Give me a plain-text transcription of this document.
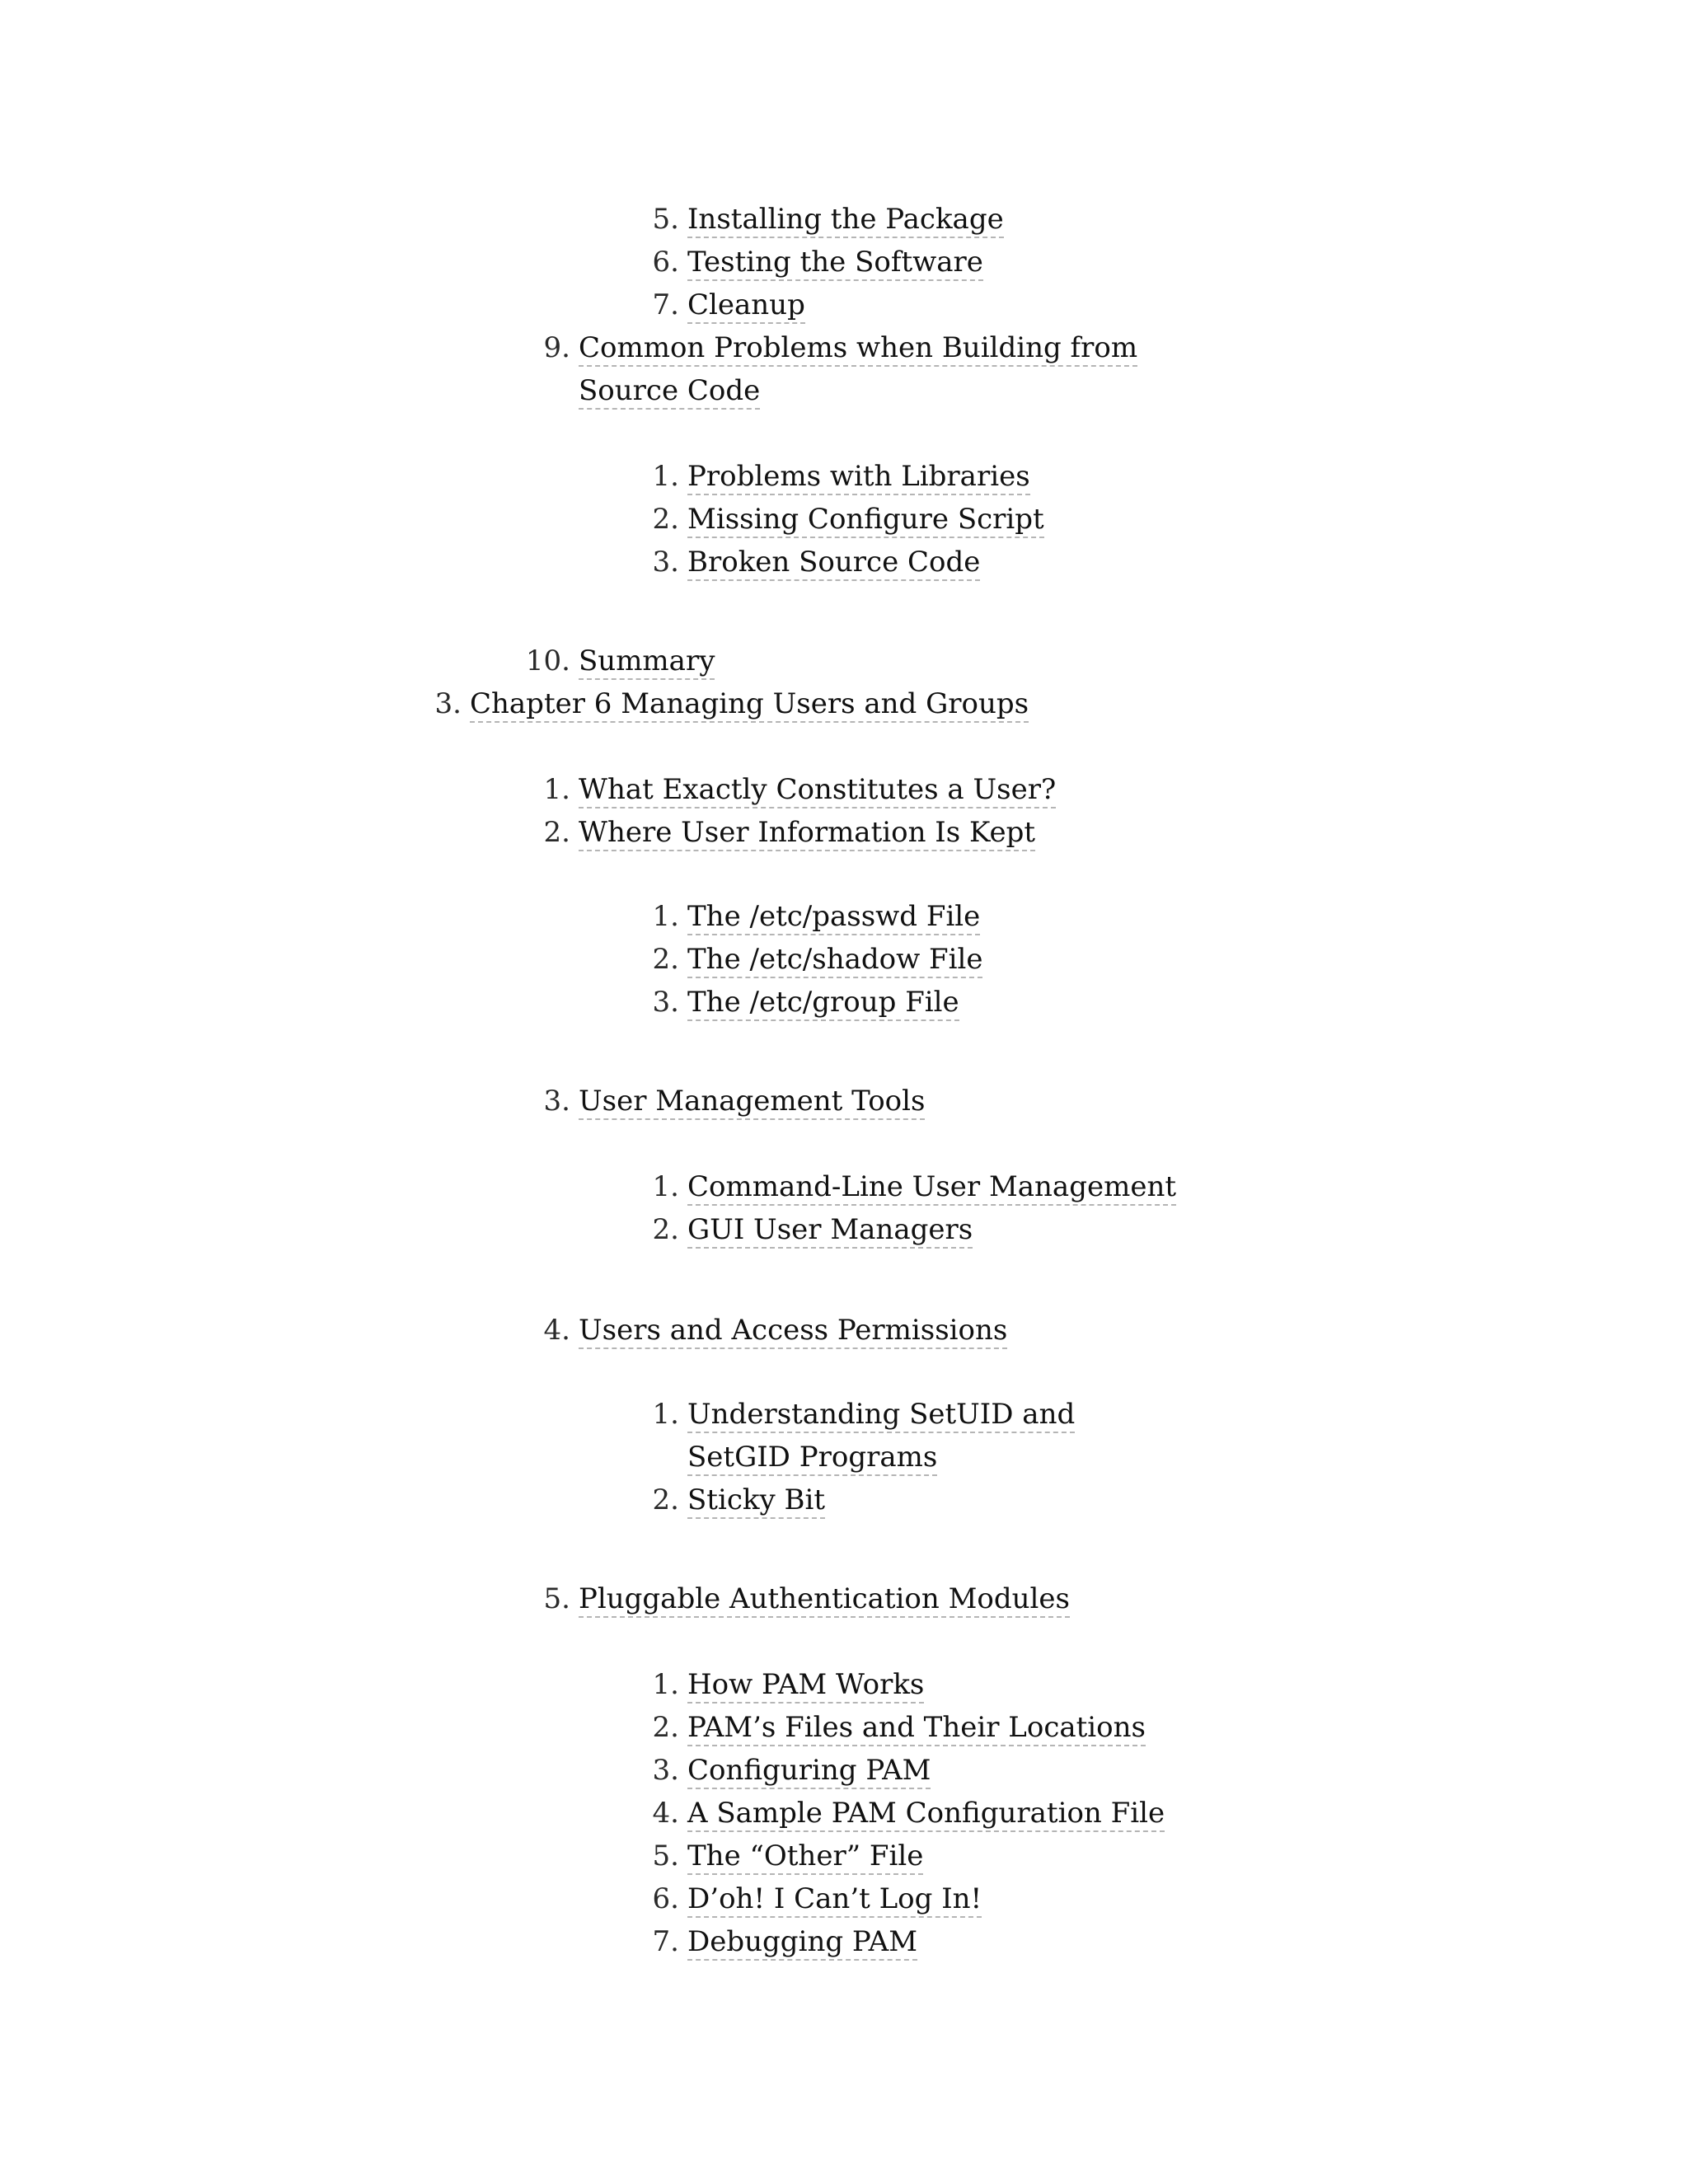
5. Installing the Package
6. Testing the Software
7. Cleanup
9. Common Problems when Building from Source Code
1. Problems with Libraries
2. Missing Configure Script
3. Broken Source Code
10. Summary
3. Chapter 6 Managing Users and Groups
1. What Exactly Constitutes a User?
2. Where User Information Is Kept
1. The /etc/passwd File
2. The /etc/shadow File
3. The /etc/group File
3. User Management Tools
1. Command-Line User Management
2. GUI User Managers
4. Users and Access Permissions
1. Understanding SetUID and SetGID Programs
2. Sticky Bit
5. Pluggable Authentication Modules
1. How PAM Works
2. PAM’s Files and Their Locations
3. Configuring PAM
4. A Sample PAM Configuration File
5. The “Other” File
6. D’oh! I Can’t Log In!
7. Debugging PAM
